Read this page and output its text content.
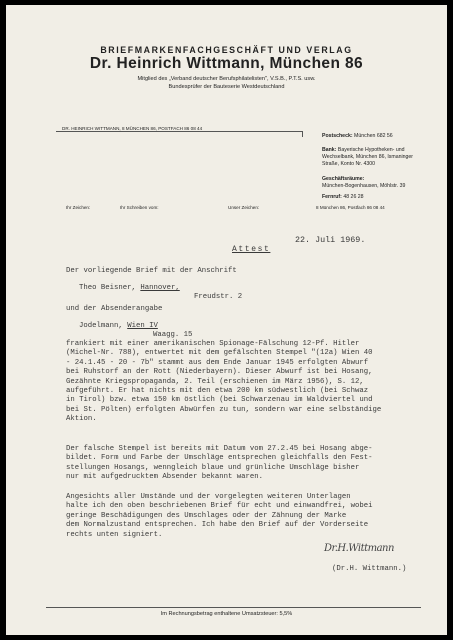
BRIEFMARKENFACHGESCHÄFT UND VERLAG
Dr. Heinrich Wittmann, München 86
Mitglied des „Verband deutscher Berufsphilatelisten", V.S.B., P.T.S. usw.
Bundesprüfer der Bauteserie Westdeutschland
DR. HEINRICH WITTMANN, 8 MÜNCHEN 86, POSTFACH 86 08 44
Postscheck: München 682 56
Bank: Bayerische Hypotheken- und
Wechselbank, München 86, Ismaninger
Straße, Konto Nr. 4300
Geschäftsräume:
München-Bogenhausen, Möhlstr. 39
Fernruf: 48 26 28
Ihr Zeichen:	Ihr Schreiben vom:	Unser Zeichen:	8 München 86, Postfach 86 08 44
22. Juli 1969.
Attest
Der vorliegende Brief mit der Anschrift
Theo Beisner, Hannover,
Freudstr. 2
und der Absenderangabe
Jodelmann, Wien IV
Waagg. 15
frankiert mit einer amerikanischen Spionage-Fälschung 12-Pf. Hitler
(Michel-Nr. 788), entwertet mit dem gefälschten Stempel "(12a) Wien 40
- 24.1.45 - 20 - 7b" stammt aus dem Ende Januar 1945 erfolgten Abwurf
bei Ruhstorf an der Rott (Niederbayern). Dieser Abwurf ist bei Hosang,
Gezähnte Kriegspropaganda, 2. Teil (erschienen im März 1956), S. 12,
aufgeführt. Er hat nichts mit den etwa 200 km südwestlich (bei Schwaz
in Tirol) bzw. etwa 150 km östlich (bei Schwarzenau im Waldviertel und
bei St. Pölten) erfolgten Abwürfen zu tun, sondern war eine selbständige
Aktion.
Der falsche Stempel ist bereits mit Datum vom 27.2.45 bei Hosang abge-
bildet. Form und Farbe der Umschläge entsprechen gleichfalls den Fest-
stellungen Hosangs, wenngleich blaue und grünliche Umschläge bisher
nur mit aufgedrucktem Absender bekannt waren.
Angesichts aller Umstände und der vorgelegten weiteren Unterlagen
halte ich den oben beschriebenen Brief für echt und einwandfrei, wobei
geringe Beschädigungen des Umschlages oder der Zähnung der Marke
dem Normalzustand entsprechen. Ich habe den Brief auf der Vorderseite
rechts unten signiert.
Dr.H.Wittmann
(Dr.H. Wittmann.)
Im Rechnungsbetrag enthaltene Umsatzsteuer: 5,5%
